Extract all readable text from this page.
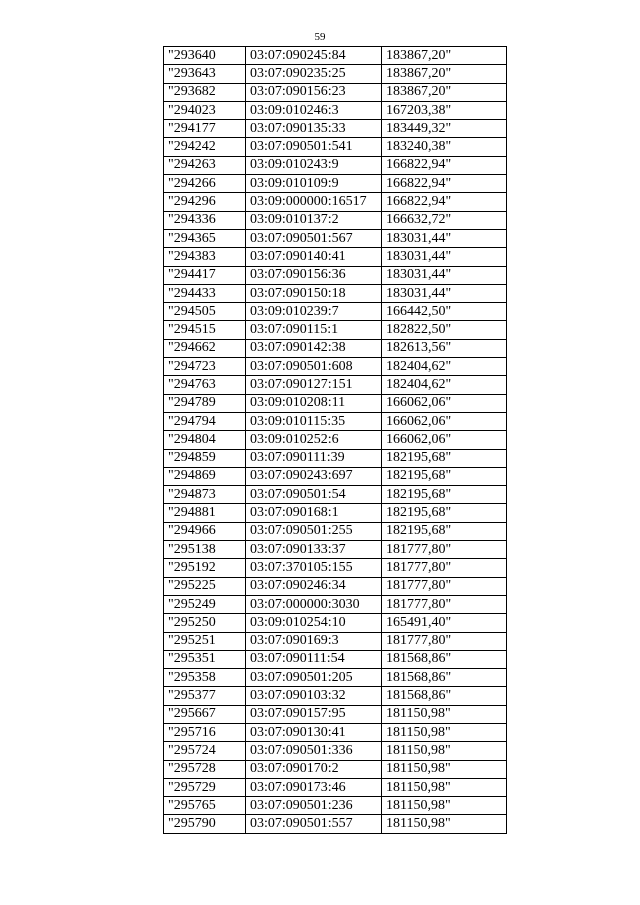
59
"293640	03:07:090245:84	183867,20"
"293643	03:07:090235:25	183867,20"
"293682	03:07:090156:23	183867,20"
"294023	03:09:010246:3	167203,38"
"294177	03:07:090135:33	183449,32"
"294242	03:07:090501:541	183240,38"
"294263	03:09:010243:9	166822,94"
"294266	03:09:010109:9	166822,94"
"294296	03:09:000000:16517	166822,94"
"294336	03:09:010137:2	166632,72"
"294365	03:07:090501:567	183031,44"
"294383	03:07:090140:41	183031,44"
"294417	03:07:090156:36	183031,44"
"294433	03:07:090150:18	183031,44"
"294505	03:09:010239:7	166442,50"
"294515	03:07:090115:1	182822,50"
"294662	03:07:090142:38	182613,56"
"294723	03:07:090501:608	182404,62"
"294763	03:07:090127:151	182404,62"
"294789	03:09:010208:11	166062,06"
"294794	03:09:010115:35	166062,06"
"294804	03:09:010252:6	166062,06"
"294859	03:07:090111:39	182195,68"
"294869	03:07:090243:697	182195,68"
"294873	03:07:090501:54	182195,68"
"294881	03:07:090168:1	182195,68"
"294966	03:07:090501:255	182195,68"
"295138	03:07:090133:37	181777,80"
"295192	03:07:370105:155	181777,80"
"295225	03:07:090246:34	181777,80"
"295249	03:07:000000:3030	181777,80"
"295250	03:09:010254:10	165491,40"
"295251	03:07:090169:3	181777,80"
"295351	03:07:090111:54	181568,86"
"295358	03:07:090501:205	181568,86"
"295377	03:07:090103:32	181568,86"
"295667	03:07:090157:95	181150,98"
"295716	03:07:090130:41	181150,98"
"295724	03:07:090501:336	181150,98"
"295728	03:07:090170:2	181150,98"
"295729	03:07:090173:46	181150,98"
"295765	03:07:090501:236	181150,98"
"295790	03:07:090501:557	181150,98"
